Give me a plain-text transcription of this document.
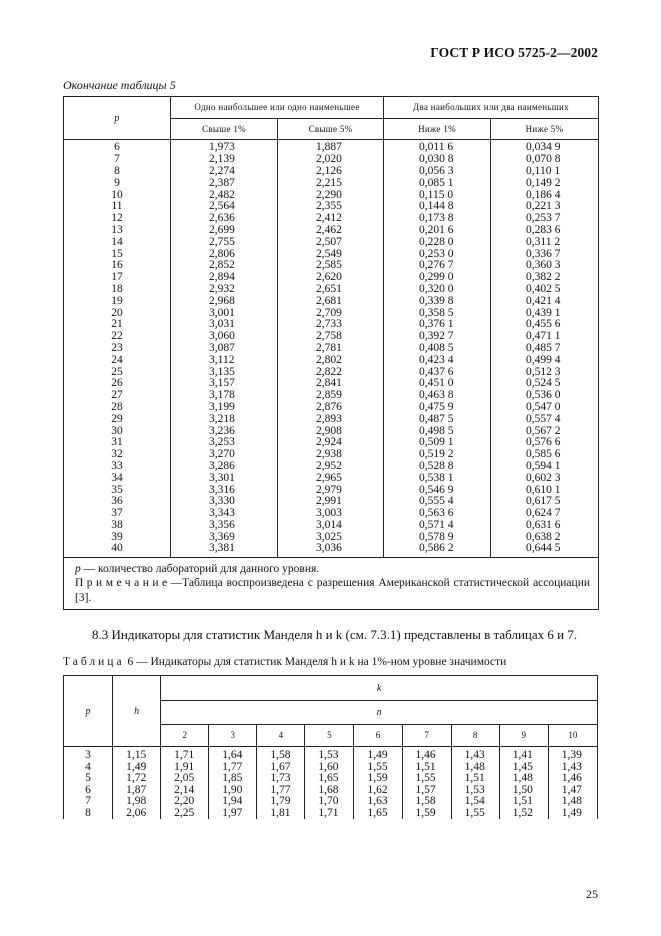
ГОСТ Р ИСО 5725-2—2002
Окончание таблицы 5
p	Одно наибольшее или одно наименьшее		Два наибольших или два наименьших	
	Свыше 1%	Свыше 5%	Ниже 1%	Ниже 5%
6	1,973	1,887	0,011 6	0,034 9
7	2,139	2,020	0,030 8	0,070 8
8	2,274	2,126	0,056 3	0,110 1
9	2,387	2,215	0,085 1	0,149 2
10	2,482	2,290	0,115 0	0,186 4
11	2,564	2,355	0,144 8	0,221 3
12	2,636	2,412	0,173 8	0,253 7
13	2,699	2,462	0,201 6	0,283 6
14	2,755	2,507	0,228 0	0,311 2
15	2,806	2,549	0,253 0	0,336 7
16	2,852	2,585	0,276 7	0,360 3
17	2,894	2,620	0,299 0	0,382 2
18	2,932	2,651	0,320 0	0,402 5
19	2,968	2,681	0,339 8	0,421 4
20	3,001	2,709	0,358 5	0,439 1
21	3,031	2,733	0,376 1	0,455 6
22	3,060	2,758	0,392 7	0,471 1
23	3,087	2,781	0,408 5	0,485 7
24	3,112	2,802	0,423 4	0,499 4
25	3,135	2,822	0,437 6	0,512 3
26	3,157	2,841	0,451 0	0,524 5
27	3,178	2,859	0,463 8	0,536 0
28	3,199	2,876	0,475 9	0,547 0
29	3,218	2,893	0,487 5	0,557 4
30	3,236	2,908	0,498 5	0,567 2
31	3,253	2,924	0,509 1	0,576 6
32	3,270	2,938	0,519 2	0,585 6
33	3,286	2,952	0,528 8	0,594 1
34	3,301	2,965	0,538 1	0,602 3
35	3,316	2,979	0,546 9	0,610 1
36	3,330	2,991	0,555 4	0,617 5
37	3,343	3,003	0,563 6	0,624 7
38	3,356	3,014	0,571 4	0,631 6
39	3,369	3,025	0,578 9	0,638 2
40	3,381	3,036	0,586 2	0,644 5

p — количество лабораторий для данного уровня.
Примечание—Таблица воспроизведена с разрешения Американской статистической ассоциации [3].				
8.3 Индикаторы для статистик Манделя h и k (см. 7.3.1) представлены в таблицах 6 и 7.
Таблица 6 — Индикаторы для статистик Манделя h и k на 1%-ном уровне значимости
p	h	k								
		n								
		2	3	4	5	6	7	8	9	10
3	1,15	1,71	1,64	1,58	1,53	1,49	1,46	1,43	1,41	1,39
4	1,49	1,91	1,77	1,67	1,60	1,55	1,51	1,48	1,45	1,43
5	1,72	2,05	1,85	1,73	1,65	1,59	1,55	1,51	1,48	1,46
6	1,87	2,14	1,90	1,77	1,68	1,62	1,57	1,53	1,50	1,47
7	1,98	2,20	1,94	1,79	1,70	1,63	1,58	1,54	1,51	1,48
8	2,06	2,25	1,97	1,81	1,71	1,65	1,59	1,55	1,52	1,49
25
